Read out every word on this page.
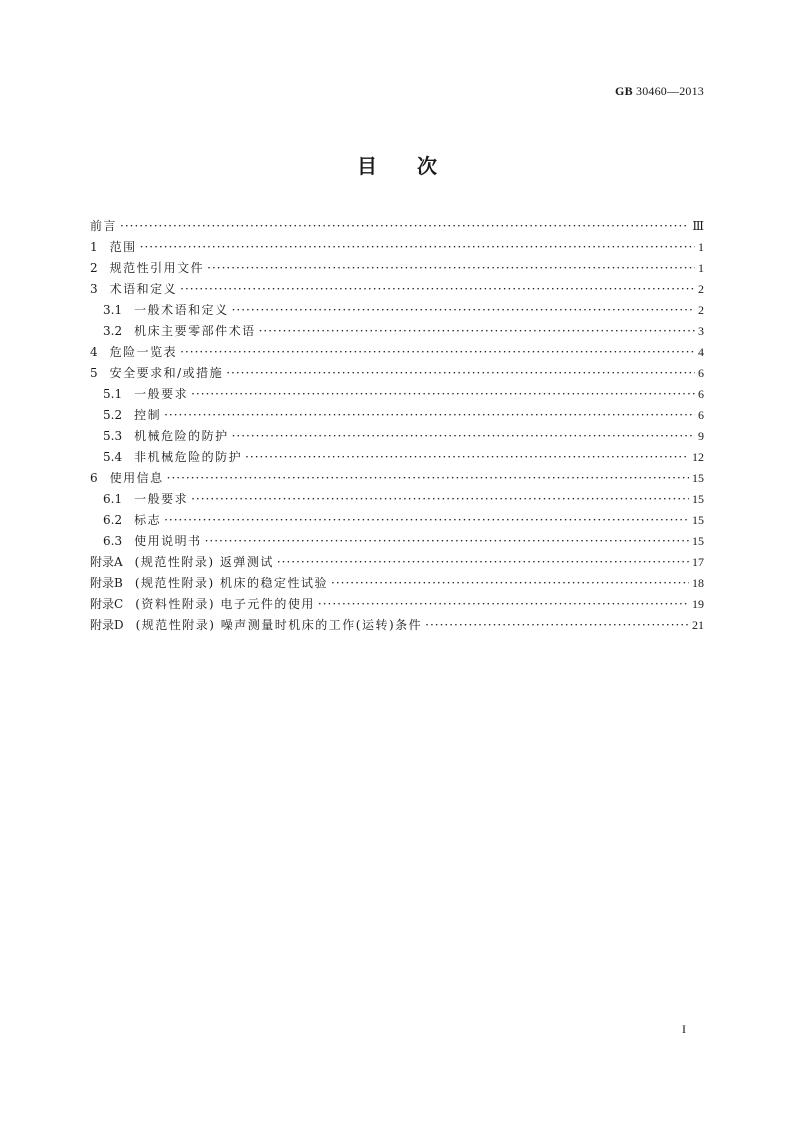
GB 30460—2013
目次
前言 ·····	Ⅲ
1 范围 ·····	1
2 规范性引用文件 ·····	1
3 术语和定义 ·····	2
3.1 一般术语和定义 ·····	2
3.2 机床主要零部件术语 ·····	3
4 危险一览表 ·····	4
5 安全要求和/或措施 ·····	6
5.1 一般要求 ·····	6
5.2 控制 ·····	6
5.3 机械危险的防护 ·····	9
5.4 非机械危险的防护 ·····	12
6 使用信息 ·····	15
6.1 一般要求 ·····	15
6.2 标志 ·····	15
6.3 使用说明书 ·····	15
附录A (规范性附录) 返弹测试 ·····	17
附录B (规范性附录) 机床的稳定性试验 ·····	18
附录C (资料性附录) 电子元件的使用 ·····	19
附录D (规范性附录) 噪声测量时机床的工作(运转)条件 ·····	21
I
